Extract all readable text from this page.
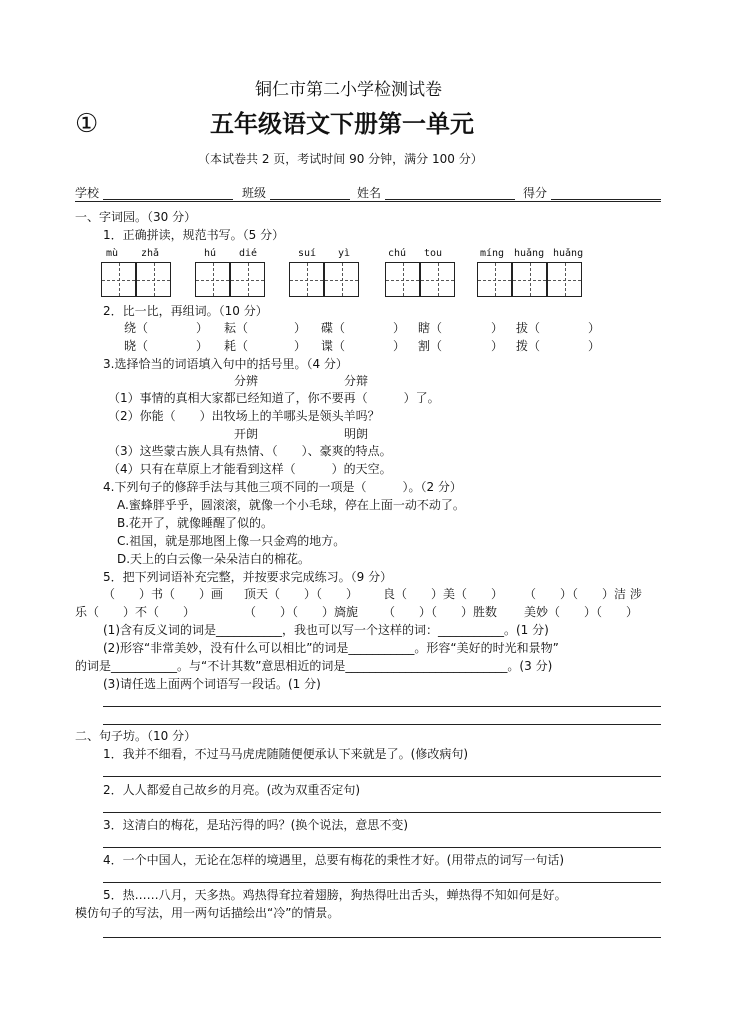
铜仁市第二小学检测试卷
①	五年级语文下册第一单元
（本试卷共 2 页，考试时间 90 分钟，满分 100 分）
学校	班级	姓名	得分
一、字词园。（30 分）
1．正确拼读，规范书写。（5 分）
mù zhǎ	hú dié	suí yì	chú tou	míng huǎng huǎng
2．比一比，再组词。（10 分）
绕（	） 耘（	） 碟（	） 瞎（	） 拔（	）
晓（	） 耗（	） 谍（	） 割（	） 拨（	）
3.选择恰当的词语填入句中的括号里。（4 分）
分辨	分辩
（1）事情的真相大家都已经知道了，你不要再（　　　）了。
（2）你能（　　）出牧场上的羊哪头是领头羊吗？
开朗	明朗
（3）这些蒙古族人具有热情、（　　）、豪爽的特点。
（4）只有在草原上才能看到这样（　　　）的天空。
4.下列句子的修辞手法与其他三项不同的一项是（　　　）。（2 分）
A.蜜蜂胖乎乎，圆滚滚，就像一个小毛球，停在上面一动不动了。
B.花开了，就像睡醒了似的。
C.祖国，就是那地图上像一只金鸡的地方。
D.天上的白云像一朵朵洁白的棉花。
5．把下列词语补充完整，并按要求完成练习。（9 分）
（　　）书（　　）画 顶天（　　）（　　） 良（　　）美（　　） （　　）（　　）洁 涉
乐（　　）不（　　）	（　　）（　　）旖旎 （　　）（　　）胜数 美妙（　　）（　　）
(1)含有反义词的词是___________，我也可以写一个这样的词：___________。(1 分)
(2)形容“非常美妙，没有什么可以相比”的词是___________。形容“美好的时光和景物”
的词是___________。与“不计其数”意思相近的词是___________________________。(3 分)
(3)请任选上面两个词语写一段话。(1 分)
二、句子坊。（10 分）
1．我并不细看，不过马马虎虎随随便便承认下来就是了。(修改病句)
2．人人都爱自己故乡的月亮。(改为双重否定句)
3．这清白的梅花，是玷污得的吗？(换个说法，意思不变)
4．一个中国人，无论在怎样的境遇里，总要有梅花的秉性才好。(用带点的词写一句话)
5．热……八月，天多热。鸡热得耷拉着翅膀，狗热得吐出舌头，蝉热得不知如何是好。
模仿句子的写法，用一两句话描绘出“冷”的情景。
